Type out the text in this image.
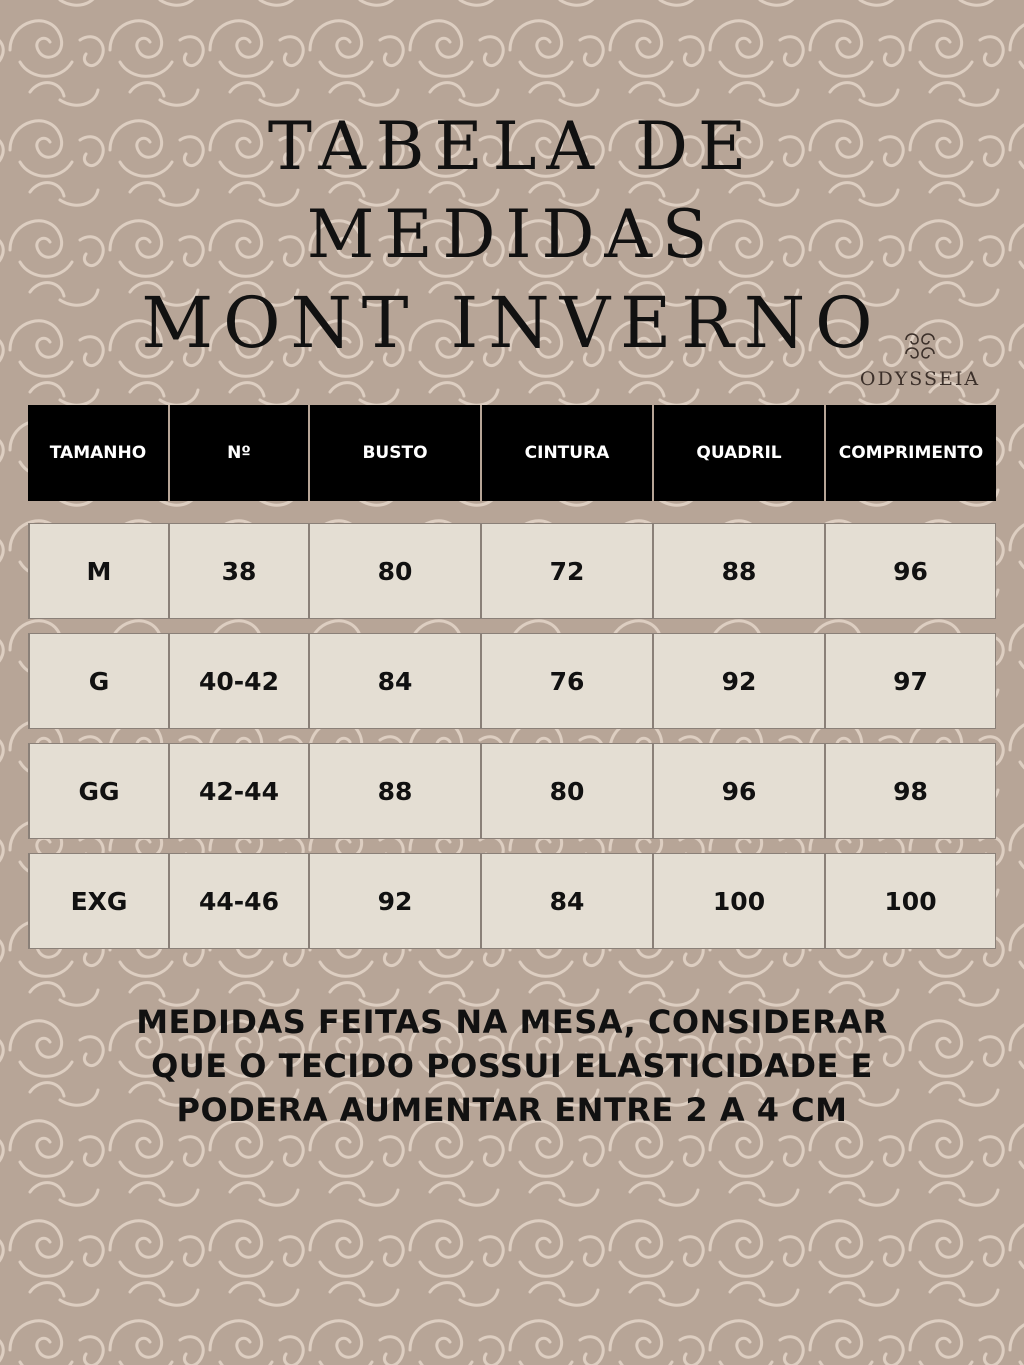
TABELA DE
MEDIDAS
MONT INVERNO
ODYSSEIA
TAMANHO	Nº	BUSTO	CINTURA	QUADRIL	COMPRIMENTO

M	38	80	72	88	96

G	40-42	84	76	92	97

GG	42-44	88	80	96	98

EXG	44-46	92	84	100	100
MEDIDAS FEITAS NA MESA, CONSIDERAR
QUE O TECIDO POSSUI ELASTICIDADE E
PODERA AUMENTAR ENTRE 2 A 4 CM
